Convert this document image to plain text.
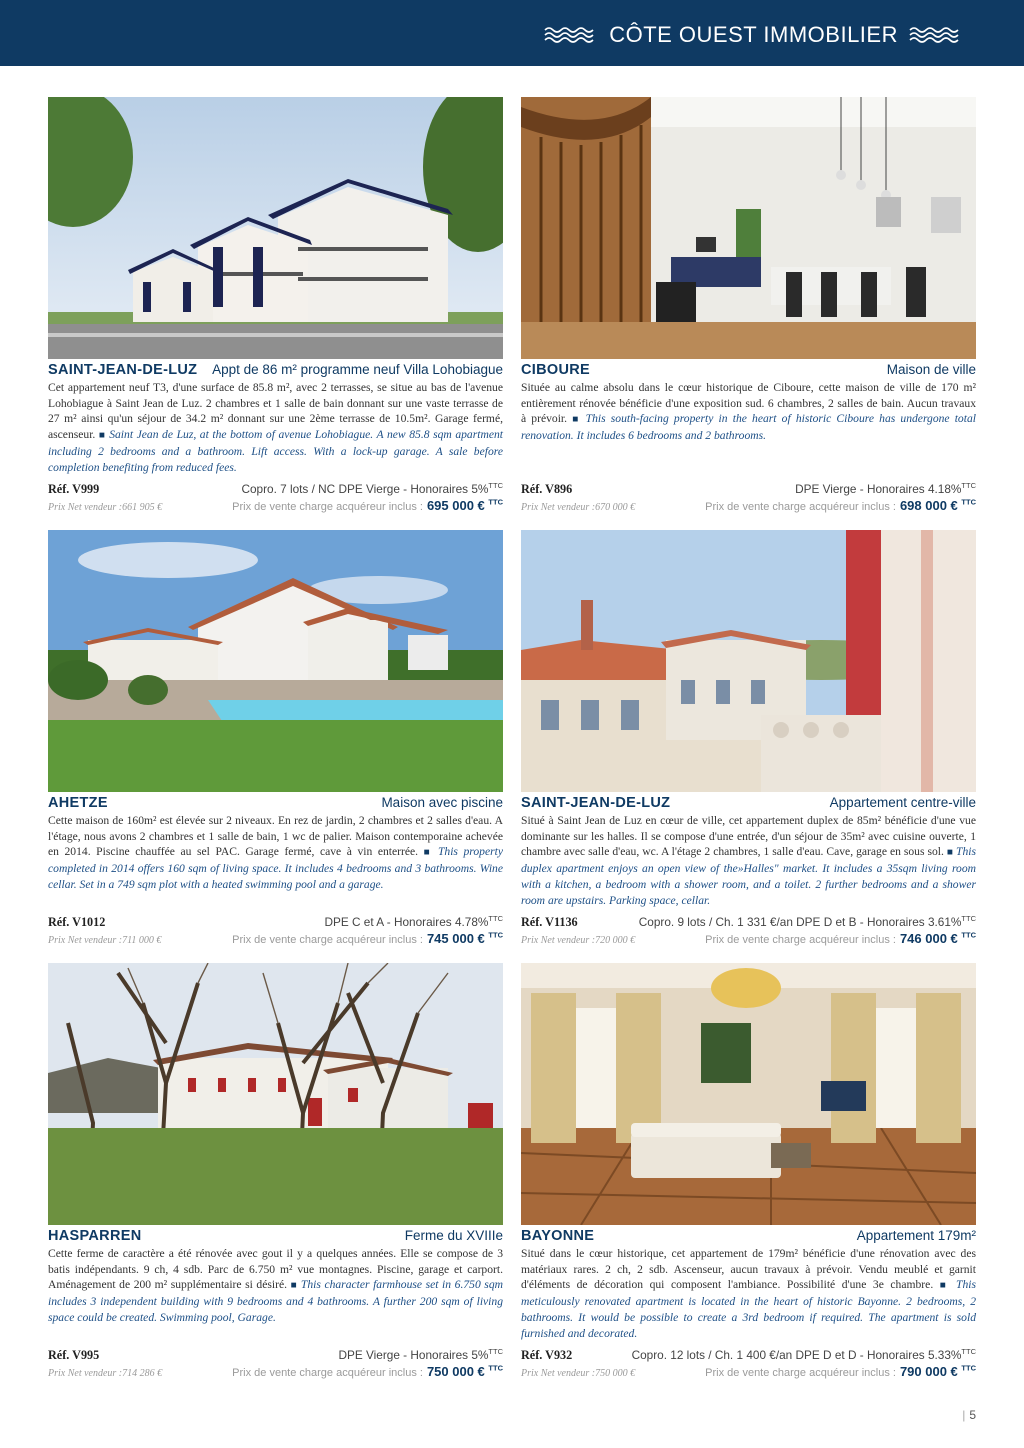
CÔTE OUEST IMMOBILIER
SAINT-JEAN-DE-LUZ Appt de 86 m² programme neuf Villa Lohobiague
Cet appartement neuf T3, d'une surface de 85.8 m², avec 2 terrasses, se situe au bas de l'avenue Lohobiague à Saint Jean de Luz. 2 chambres et 1 salle de bain donnant sur une vaste terrasse de 27 m² ainsi qu'un séjour de 34.2 m² donnant sur une 2ème terrasse de 10.5m². Garage fermé, ascenseur. ■ Saint Jean de Luz, at the bottom of avenue Lohobiague. A new 85.8 sqm apartment including 2 bedrooms and a bathroom. Lift access. With a lock-up garage. A sale before completion benefiting from reduced fees.
Réf. V999	Copro. 7 lots / NC DPE Vierge - Honoraires 5%$^{TTC}$
Prix Net vendeur :661 905 €	Prix de vente charge acquéreur inclus : 695 000 € $^{TTC}$
CIBOURE	Maison de ville
Située au calme absolu dans le cœur historique de Ciboure, cette maison de ville de 170 m² entièrement rénovée bénéficie d'une exposition sud. 6 chambres, 2 salles de bain. Aucun travaux à prévoir. ■ This south-facing property in the heart of historic Ciboure has undergone total renovation. It includes 6 bedrooms and 2 bathrooms.
Réf. V896	DPE Vierge - Honoraires 4.18%$^{TTC}$
Prix Net vendeur :670 000 €	Prix de vente charge acquéreur inclus : 698 000 € $^{TTC}$
AHETZE	Maison avec piscine
Cette maison de 160m² est élevée sur 2 niveaux. En rez de jardin, 2 chambres et 2 salles d'eau. A l'étage, nous avons 2 chambres et 1 salle de bain, 1 wc de palier. Maison contemporaine achevée en 2014. Piscine chauffée au sel PAC. Garage fermé, cave à vin enterrée. ■ This property completed in 2014 offers 160 sqm of living space. It includes 4 bedrooms and 3 bathrooms. Wine cellar. Set in a 749 sqm plot with a heated swimming pool and a garage.
Réf. V1012	DPE C et A - Honoraires 4.78%$^{TTC}$
Prix Net vendeur :711 000 €	Prix de vente charge acquéreur inclus : 745 000 € $^{TTC}$
SAINT-JEAN-DE-LUZ	Appartement centre-ville
Situé à Saint Jean de Luz en cœur de ville, cet appartement duplex de 85m² bénéficie d'une vue dominante sur les halles. Il se compose d'une entrée, d'un séjour de 35m² avec cuisine ouverte, 1 chambre avec salle d'eau, wc. A l'étage 2 chambres, 1 salle d'eau. Cave, garage en sous sol. ■ This duplex apartment enjoys an open view of the»Halles" market. It includes a 35sqm living room with a kitchen, a bedroom with a shower room, and a toilet. 2 further bedrooms and a shower room are upstairs. Parking space, cellar.
Réf. V1136	Copro. 9 lots / Ch. 1 331 €/an DPE D et B - Honoraires 3.61%$^{TTC}$
Prix Net vendeur :720 000 €	Prix de vente charge acquéreur inclus : 746 000 € $^{TTC}$
HASPARREN	Ferme du XVIIIe
Cette ferme de caractère a été rénovée avec gout il y a quelques années. Elle se compose de 3 batis indépendants. 9 ch, 4 sdb. Parc de 6.750 m² vue montagnes. Piscine, garage et carport. Aménagement de 200 m² supplémentaire si désiré. ■ This character farmhouse set in 6.750 sqm includes 3 independent building with 9 bedrooms and 4 bathrooms. A further 200 sqm of living space could be created. Swimming pool, Garage.
Réf. V995	DPE Vierge - Honoraires 5%$^{TTC}$
Prix Net vendeur :714 286 €	Prix de vente charge acquéreur inclus : 750 000 € $^{TTC}$
BAYONNE	Appartement 179m²
Situé dans le cœur historique, cet appartement de 179m² bénéficie d'une rénovation avec des matériaux rares. 2 ch, 2 sdb. Ascenseur, aucun travaux à prévoir. Vendu meublé et garnit d'éléments de décoration qui composent l'ambiance. Possibilité d'une 3e chambre. ■ This meticulously renovated apartment is located in the heart of historic Bayonne. 2 bedrooms, 2 bathrooms. It would be possible to create a 3rd bedroom if required. The apartment is sold furnished and decorated.
Réf. V932	Copro. 12 lots / Ch. 1 400 €/an DPE D et D - Honoraires 5.33%$^{TTC}$
Prix Net vendeur :750 000 €	Prix de vente charge acquéreur inclus : 790 000 € $^{TTC}$
| 5
